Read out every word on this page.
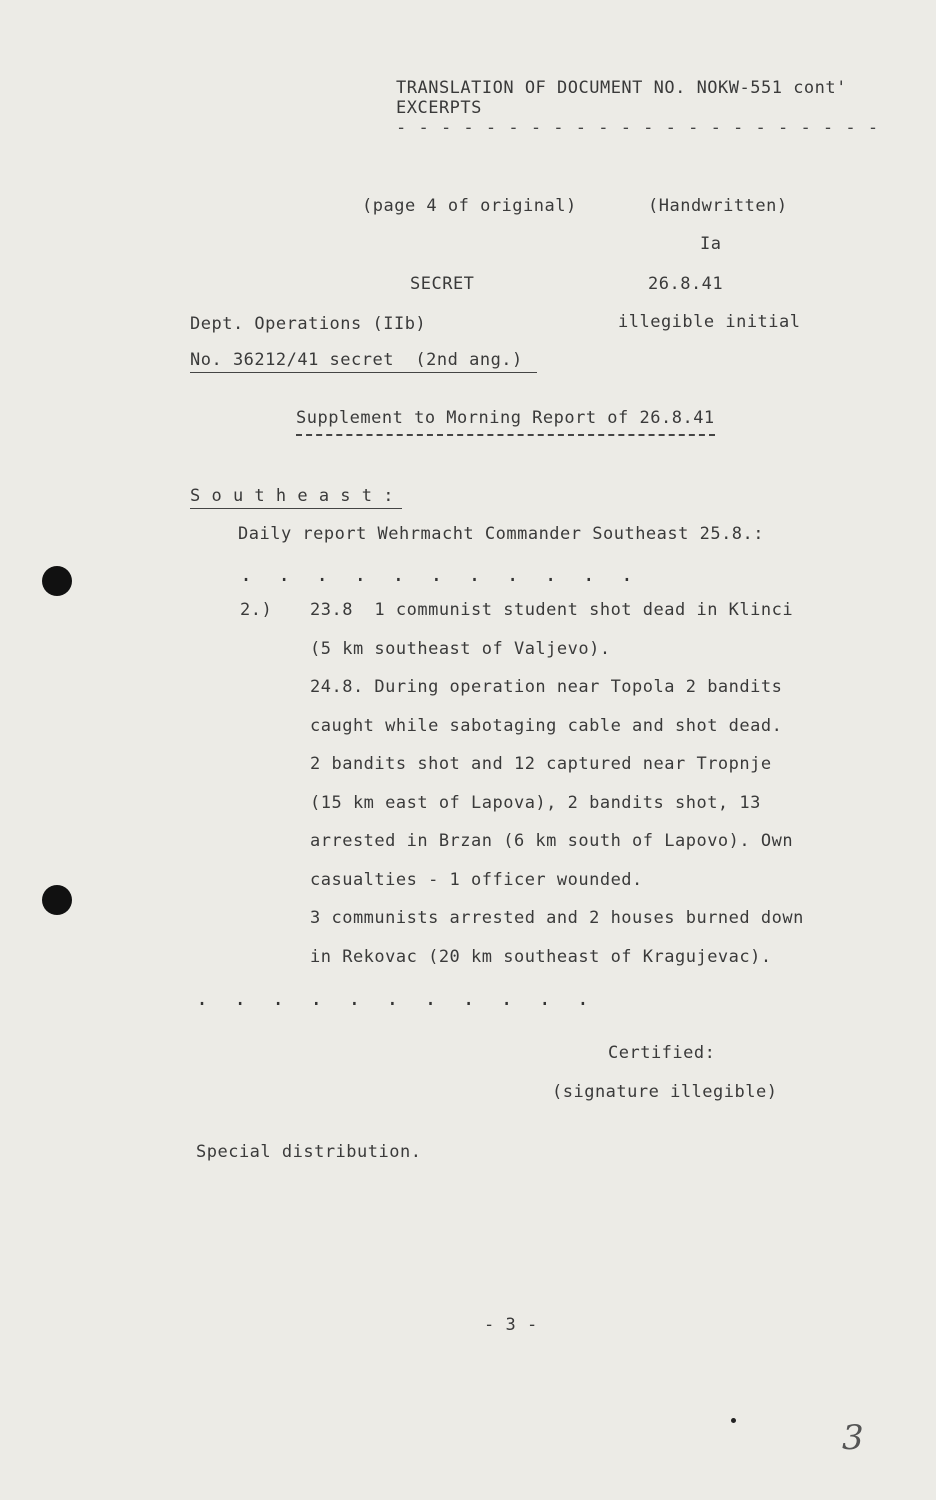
TRANSLATION OF DOCUMENT NO. NOKW-551 cont'
EXCERPTS
- - - - - - - - - - - - - - - - - - - - - -
(page 4 of original)	(Handwritten)
Ia
SECRET	26.8.41
Dept. Operations (IIb)	illegible initial
No. 36212/41 secret  (2nd ang.)
Supplement to Morning Report of 26.8.41
S o u t h e a s t :
Daily report Wehrmacht Commander Southeast 25.8.:
. . . . . . . . . . .
2.) 23.8  1 communist student shot dead in Klinci
(5 km southeast of Valjevo).
24.8. During operation near Topola 2 bandits
caught while sabotaging cable and shot dead.
2 bandits shot and 12 captured near Tropnje
(15 km east of Lapova), 2 bandits shot, 13
arrested in Brzan (6 km south of Lapovo). Own
casualties - 1 officer wounded.
3 communists arrested and 2 houses burned down
in Rekovac (20 km southeast of Kragujevac).
. . . . . . . . . . .
Certified:
(signature illegible)
Special distribution.
- 3 -
3
